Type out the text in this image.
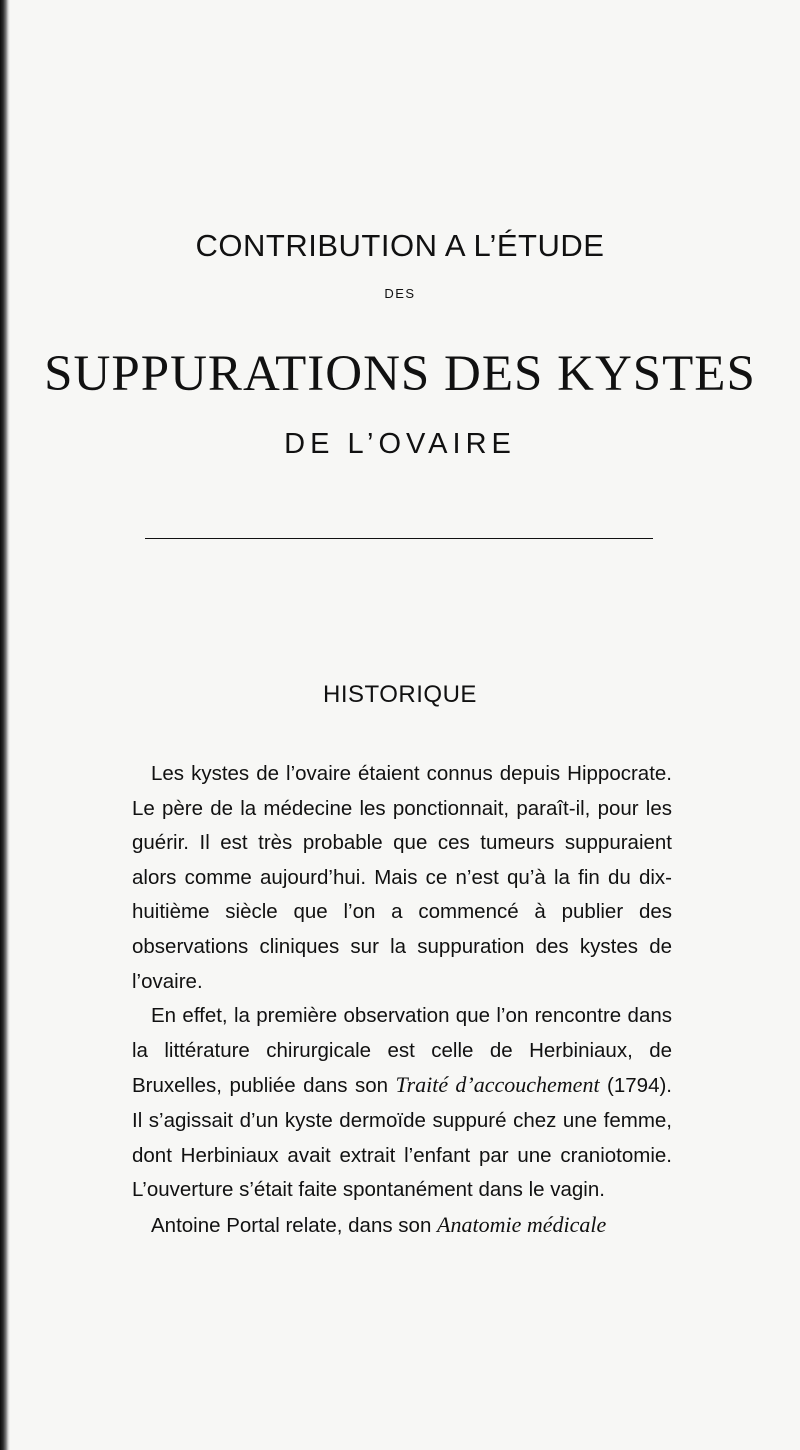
CONTRIBUTION A L’ÉTUDE
DES
SUPPURATIONS DES KYSTES
DE L’OVAIRE
HISTORIQUE

Les kystes de l’ovaire étaient connus depuis Hippocrate. Le père de la médecine les ponctionnait, paraît-il, pour les guérir. Il est très probable que ces tumeurs suppuraient alors comme aujourd’hui. Mais ce n’est qu’à la fin du dix-huitième siècle que l’on a commencé à publier des observations cliniques sur la suppuration des kystes de l’ovaire.

En effet, la première observation que l’on rencontre dans la littérature chirurgicale est celle de Herbiniaux, de Bruxelles, publiée dans son Traité d’accouchement (1794). Il s’agissait d’un kyste dermoïde suppuré chez une femme, dont Herbiniaux avait extrait l’enfant par une craniotomie. L’ouverture s’était faite spontanément dans le vagin.

Antoine Portal relate, dans son Anatomie médicale
